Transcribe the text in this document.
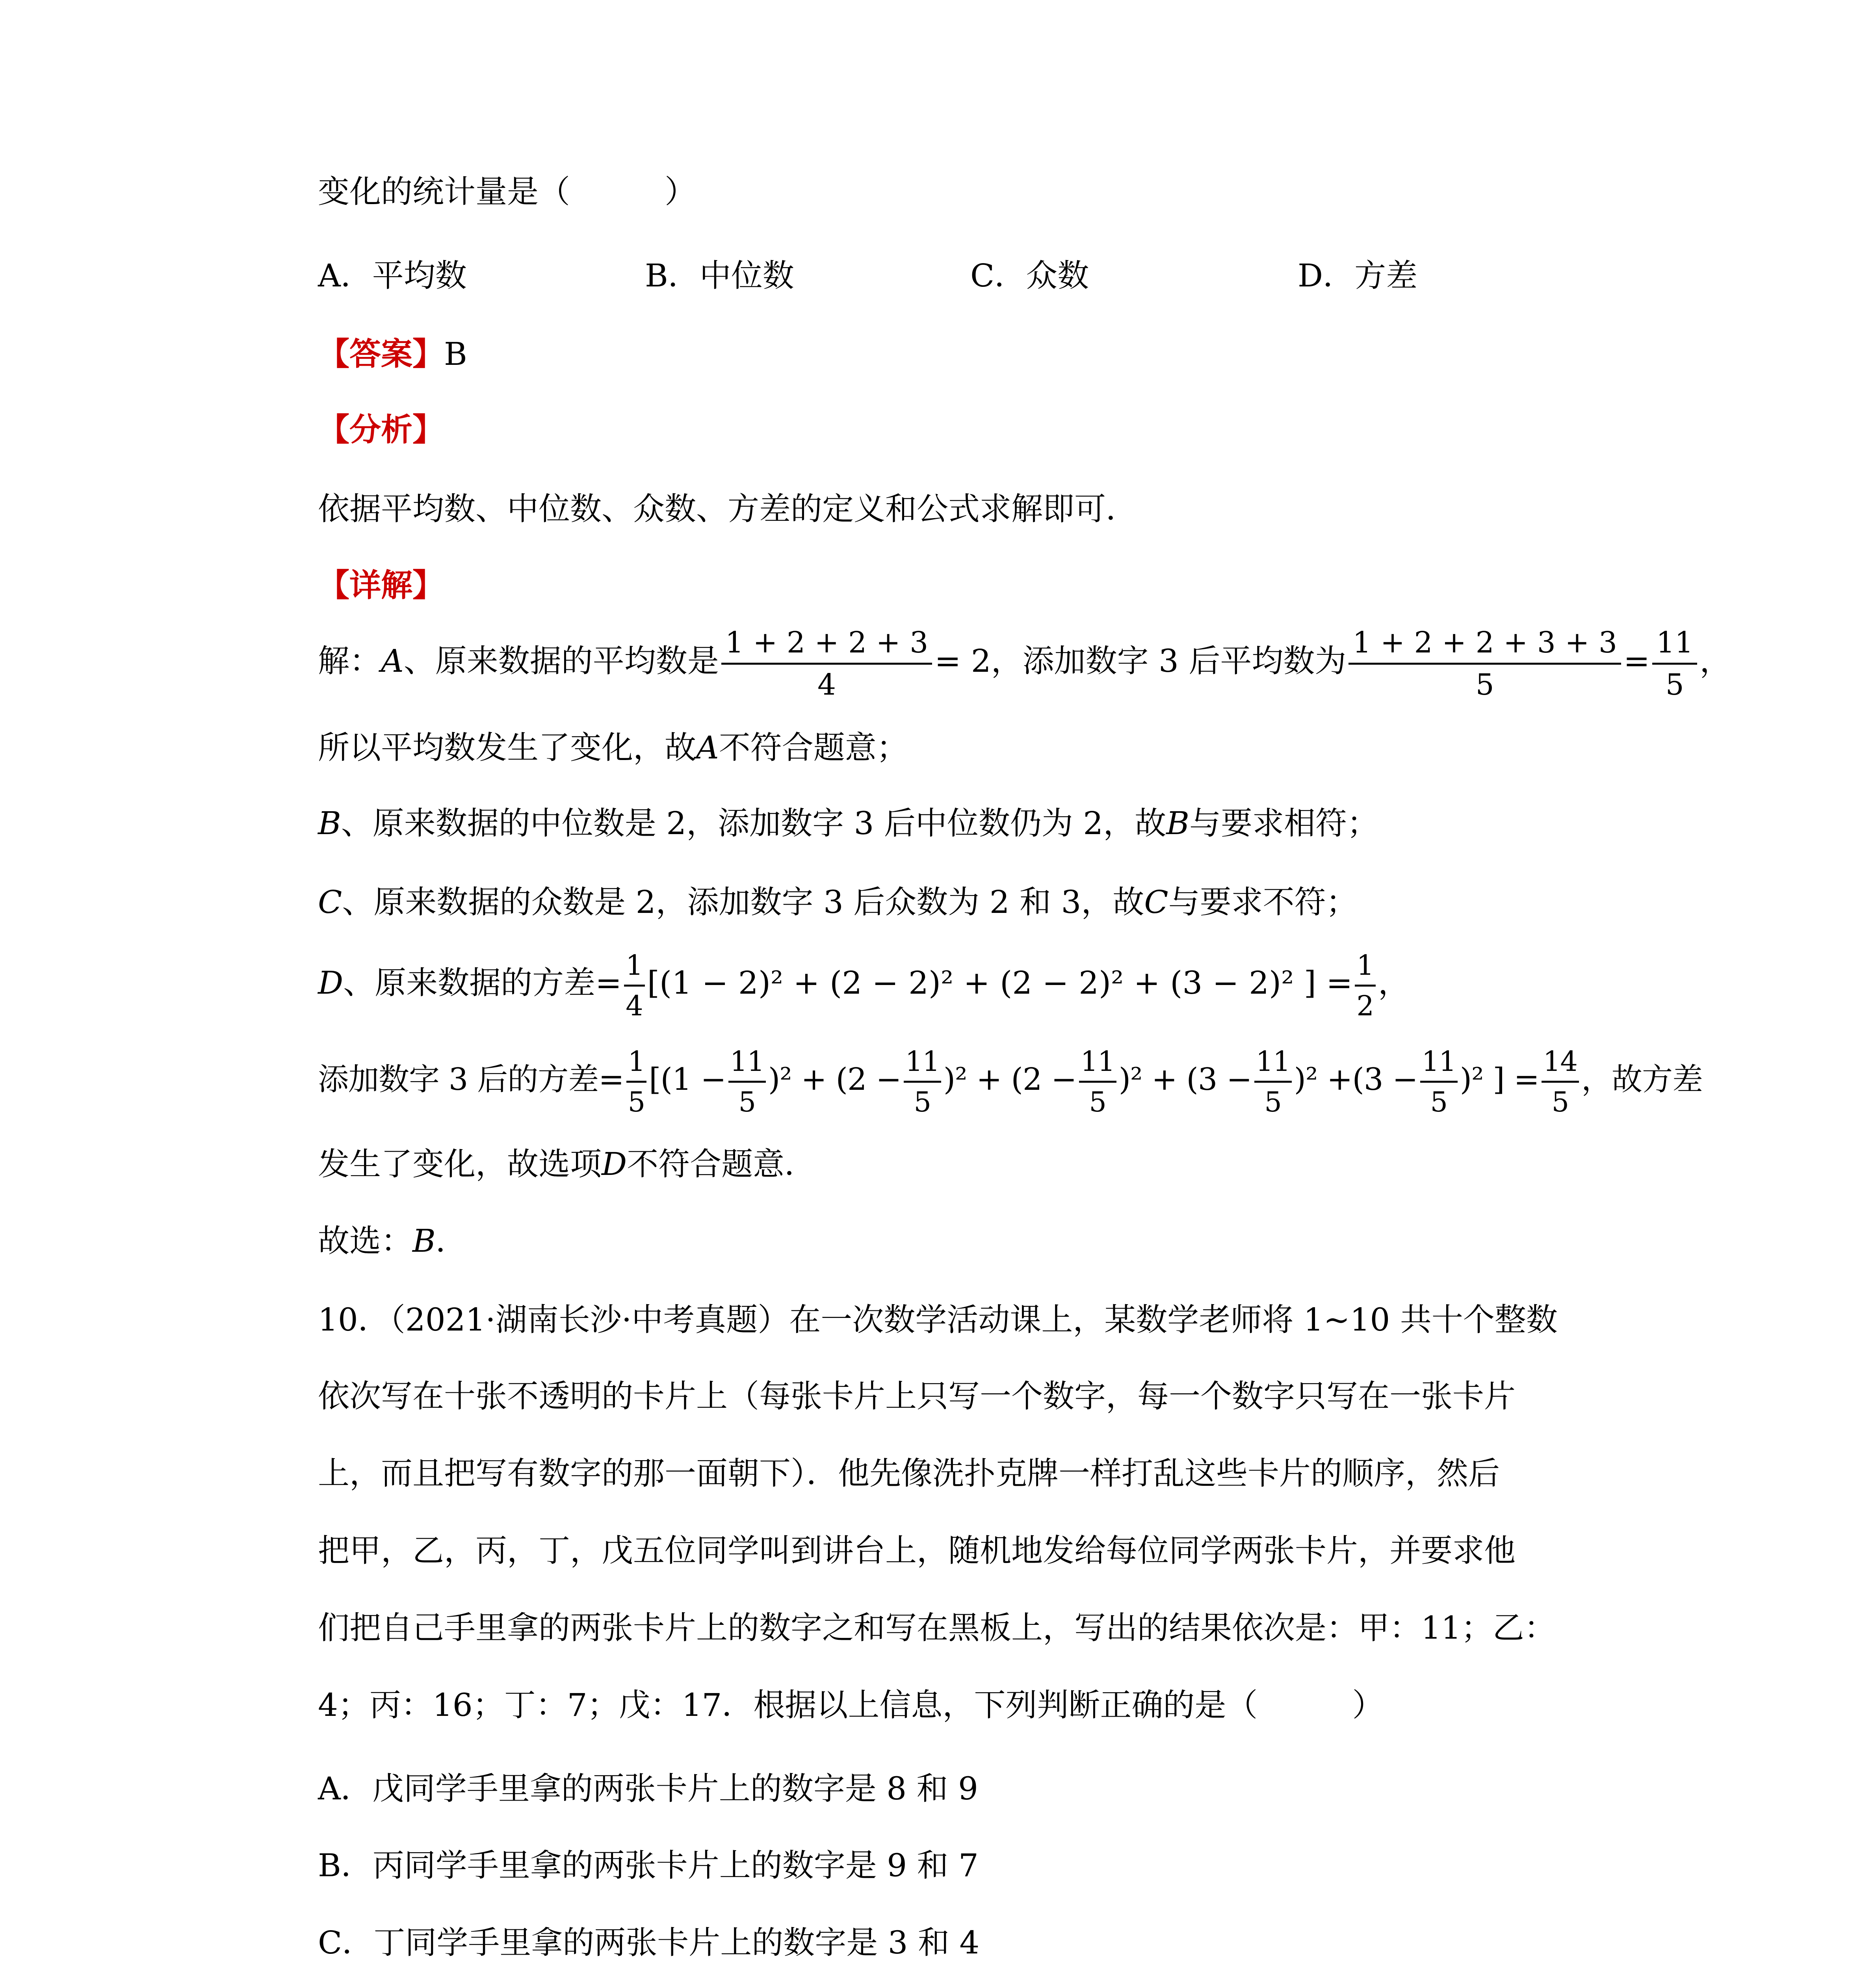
变化的统计量是（　　　）
A．平均数	B．中位数	C．众数	D．方差
【答案】B
【分析】
依据平均数、中位数、众数、方差的定义和公式求解即可．
【详解】
解：A、原来数据的平均数是 $\frac{1 + 2 + 2 + 3}{4} = 2$，添加数字 3 后平均数为 $\frac{1 + 2 + 2 + 3 + 3}{5} = \frac{11}{5}$ ，
所以平均数发生了变化，故A不符合题意；
B、原来数据的中位数是 2，添加数字 3 后中位数仍为 2，故B与要求相符；
C、原来数据的众数是 2，添加数字 3 后众数为 2 和 3，故C与要求不符；
D、原来数据的方差= $\frac{1}{4} [(1 - 2)^2 + (2 - 2)^2 + (2 - 2)^2 + (3 - 2)^2$ ] = $\frac{1}{2}$ ，
添加数字 3 后的方差= $\frac{1}{5} [(1 - \frac{11}{5} )^2 + (2 - \frac{11}{5} )^2 + (2 - \frac{11}{5} )^2 + (3 - \frac{11}{5} )^2 +(3 - \frac{11}{5} )^2$ ] = $\frac{14}{5}$ ，故方差
发生了变化，故选项D不符合题意．
故选：B．
10．（2021·湖南长沙·中考真题）在一次数学活动课上，某数学老师将 1~10 共十个整数
依次写在十张不透明的卡片上（每张卡片上只写一个数字，每一个数字只写在一张卡片
上，而且把写有数字的那一面朝下）．他先像洗扑克牌一样打乱这些卡片的顺序，然后
把甲，乙，丙，丁，戊五位同学叫到讲台上，随机地发给每位同学两张卡片，并要求他
们把自己手里拿的两张卡片上的数字之和写在黑板上，写出的结果依次是：甲：11；乙：
4；丙：16；丁：7；戊：17．根据以上信息，下列判断正确的是（　　　）
A．戊同学手里拿的两张卡片上的数字是 8 和 9
B．丙同学手里拿的两张卡片上的数字是 9 和 7
C．丁同学手里拿的两张卡片上的数字是 3 和 4
